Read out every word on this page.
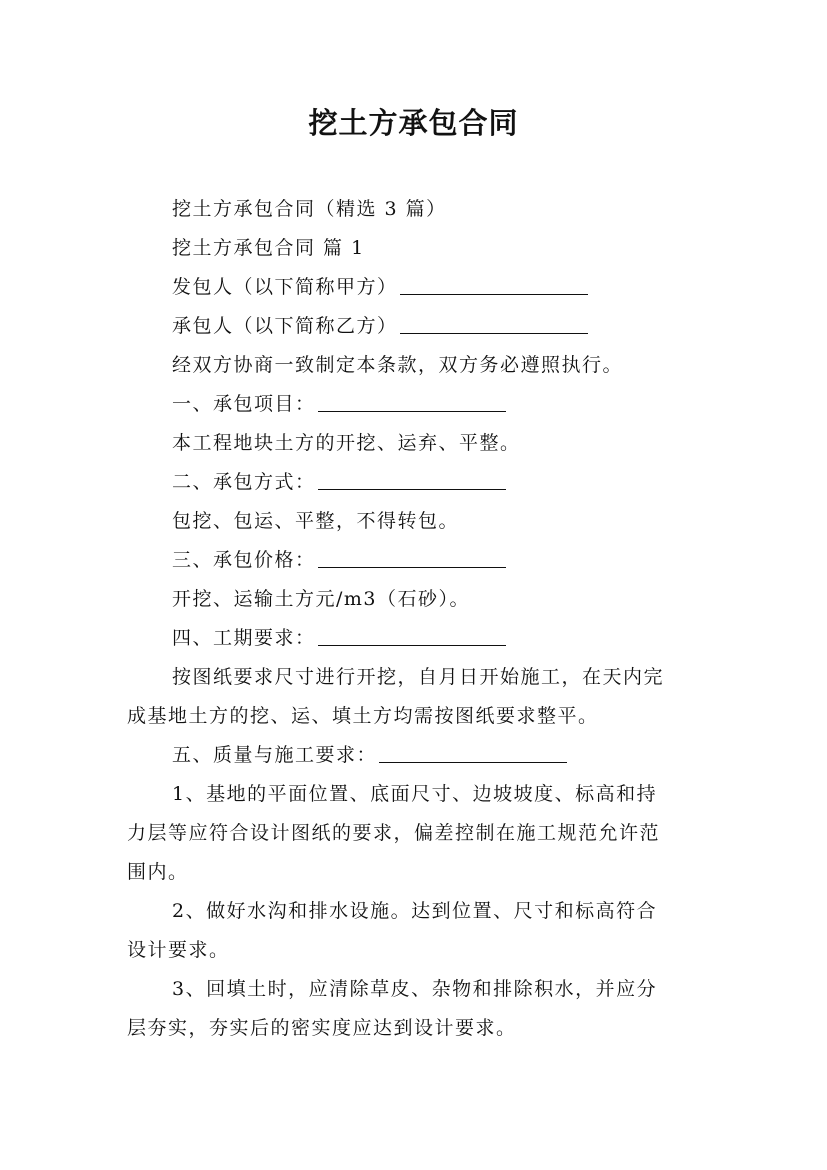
挖土方承包合同
挖土方承包合同（精选 3 篇）
挖土方承包合同 篇 1
发包人（以下简称甲方）
承包人（以下简称乙方）
经双方协商一致制定本条款，双方务必遵照执行。
一、承包项目：
本工程地块土方的开挖、运弃、平整。
二、承包方式：
包挖、包运、平整，不得转包。
三、承包价格：
开挖、运输土方元/m3（石砂）。
四、工期要求：
按图纸要求尺寸进行开挖，自月日开始施工，在天内完
成基地土方的挖、运、填土方均需按图纸要求整平。
五、质量与施工要求：
1、基地的平面位置、底面尺寸、边坡坡度、标高和持
力层等应符合设计图纸的要求，偏差控制在施工规范允许范
围内。
2、做好水沟和排水设施。达到位置、尺寸和标高符合
设计要求。
3、回填土时，应清除草皮、杂物和排除积水，并应分
层夯实，夯实后的密实度应达到设计要求。
